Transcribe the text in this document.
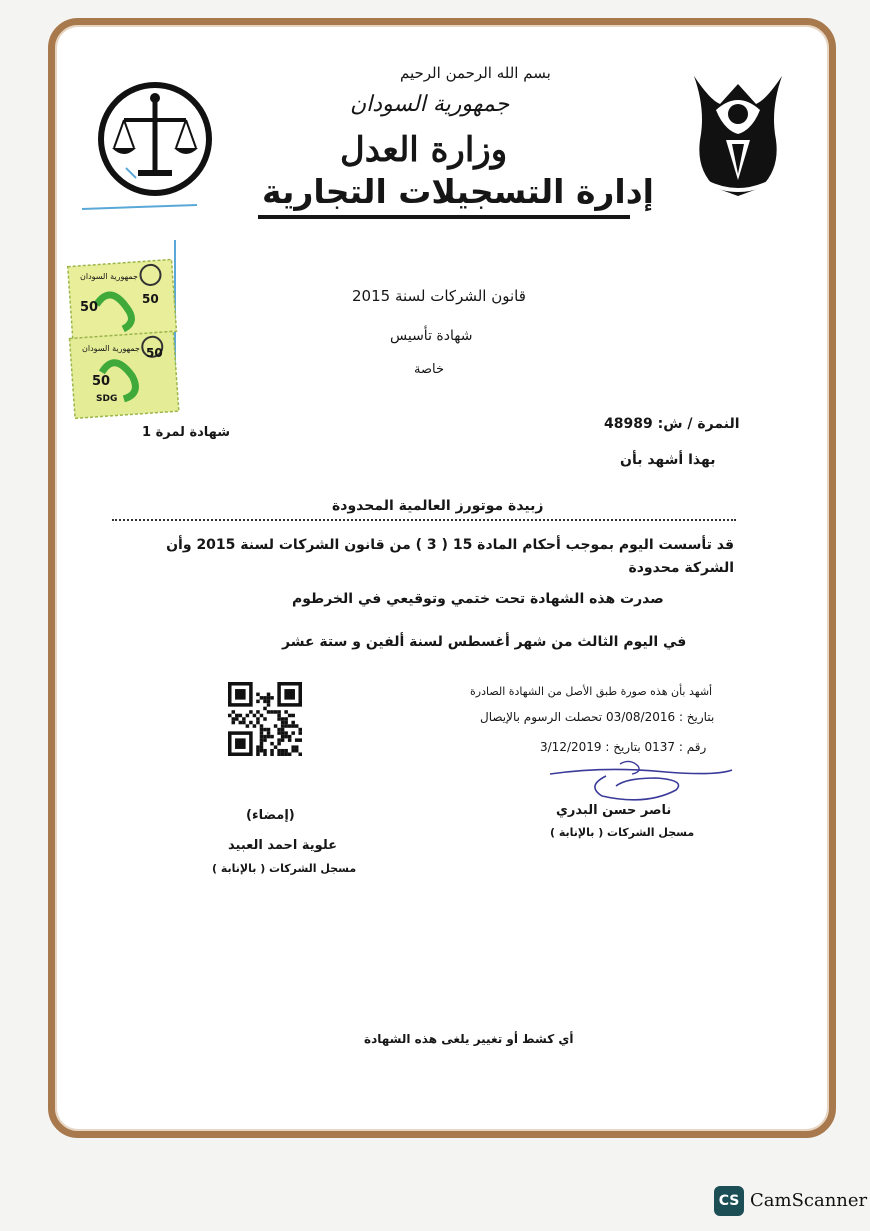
بسم الله الرحمن الرحيم
جمهورية السودان
وزارة العدل
إدارة التسجيلات التجارية
50
50
جمهورية السودان
50
50
جمهورية السودان
SDG
قانون الشركات لسنة 2015
شهادة تأسيس
خاصة
النمرة / ش: 48989
شهادة لمرة 1
بهذا أشهد بأن
زبيدة موتورز العالمية المحدودة
قد تأسست اليوم بموجب أحكام المادة 15 ( 3 ) من قانون الشركات لسنة 2015 وأن الشركة محدودة
صدرت هذه الشهادة تحت ختمي وتوقيعي في الخرطوم
في اليوم الثالث من شهر أغسطس لسنة ألفين و ستة عشر
أشهد بأن هذه صورة طبق الأصل من الشهادة الصادرة
بتاريخ : 03/08/2016 تحصلت الرسوم بالإيصال
رقم : 0137 بتاريخ : 3/12/2019
ناصر حسن البدري
مسجل الشركات ( بالإنابة )
(إمضاء)
علوية احمد العبيد
مسجل الشركات ( بالإنابة )
أي كشط أو تغيير يلغى هذه الشهادة
CS CamScanner
